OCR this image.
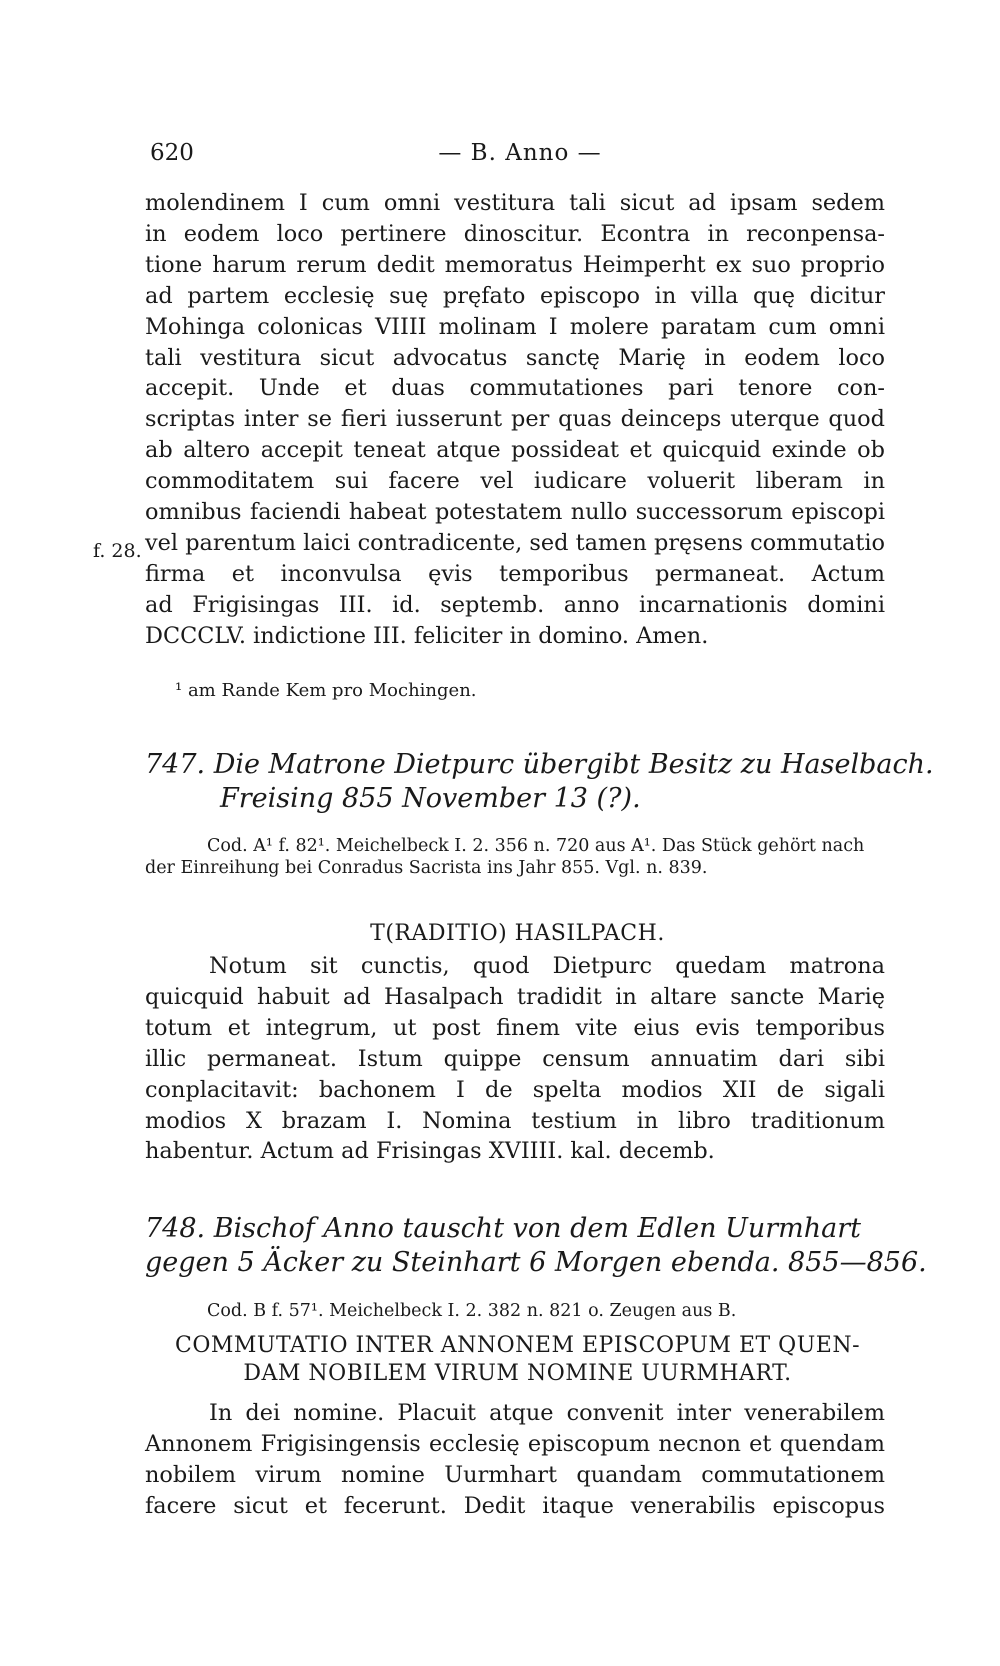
620	— B. Anno —
molendinem I cum omni vestitura tali sicut ad ipsam sedem
in eodem loco pertinere dinoscitur. Econtra in reconpensa-
tione harum rerum dedit memoratus Heimperht ex suo proprio
ad partem ecclesię suę pręfato episcopo in villa quę dicitur
Mohinga colonicas VIIII molinam I molere paratam cum omni
tali vestitura sicut advocatus sanctę Marię in eodem loco
accepit. Unde et duas commutationes pari tenore con-
scriptas inter se fieri iusserunt per quas deinceps uterque quod
ab altero accepit teneat atque possideat et quicquid exinde ob
commoditatem sui facere vel iudicare voluerit liberam in
omnibus faciendi habeat potestatem nullo successorum episcopi
vel parentum laici contradicente, sed tamen pręsens commutatio
firma et inconvulsa ęvis temporibus permaneat. Actum
ad Frigisingas III. id. septemb. anno incarnationis domini
DCCCLV. indictione III. feliciter in domino. Amen.
f. 28.
¹ am Rande Kem pro Mochingen.
747. Die Matrone Dietpurc übergibt Besitz zu Haselbach.
Freising 855 November 13 (?).
Cod. A¹ f. 82¹. Meichelbeck I. 2. 356 n. 720 aus A¹. Das Stück gehört nach der Einreihung bei Conradus Sacrista ins Jahr 855. Vgl. n. 839.
T(RADITIO) HASILPACH.
Notum sit cunctis, quod Dietpurc quedam matrona
quicquid habuit ad Hasalpach tradidit in altare sancte Marię
totum et integrum, ut post finem vite eius evis temporibus
illic permaneat. Istum quippe censum annuatim dari sibi
conplacitavit: bachonem I de spelta modios XII de sigali
modios X brazam I. Nomina testium in libro traditionum
habentur. Actum ad Frisingas XVIIII. kal. decemb.
748. Bischof Anno tauscht von dem Edlen Uurmhart
gegen 5 Äcker zu Steinhart 6 Morgen ebenda. 855—856.
Cod. B f. 57¹. Meichelbeck I. 2. 382 n. 821 o. Zeugen aus B.
COMMUTATIO INTER ANNONEM EPISCOPUM ET QUEN-
DAM NOBILEM VIRUM NOMINE UURMHART.
In dei nomine. Placuit atque convenit inter venerabilem
Annonem Frigisingensis ecclesię episcopum necnon et quendam
nobilem virum nomine Uurmhart quandam commutationem
facere sicut et fecerunt. Dedit itaque venerabilis episcopus
